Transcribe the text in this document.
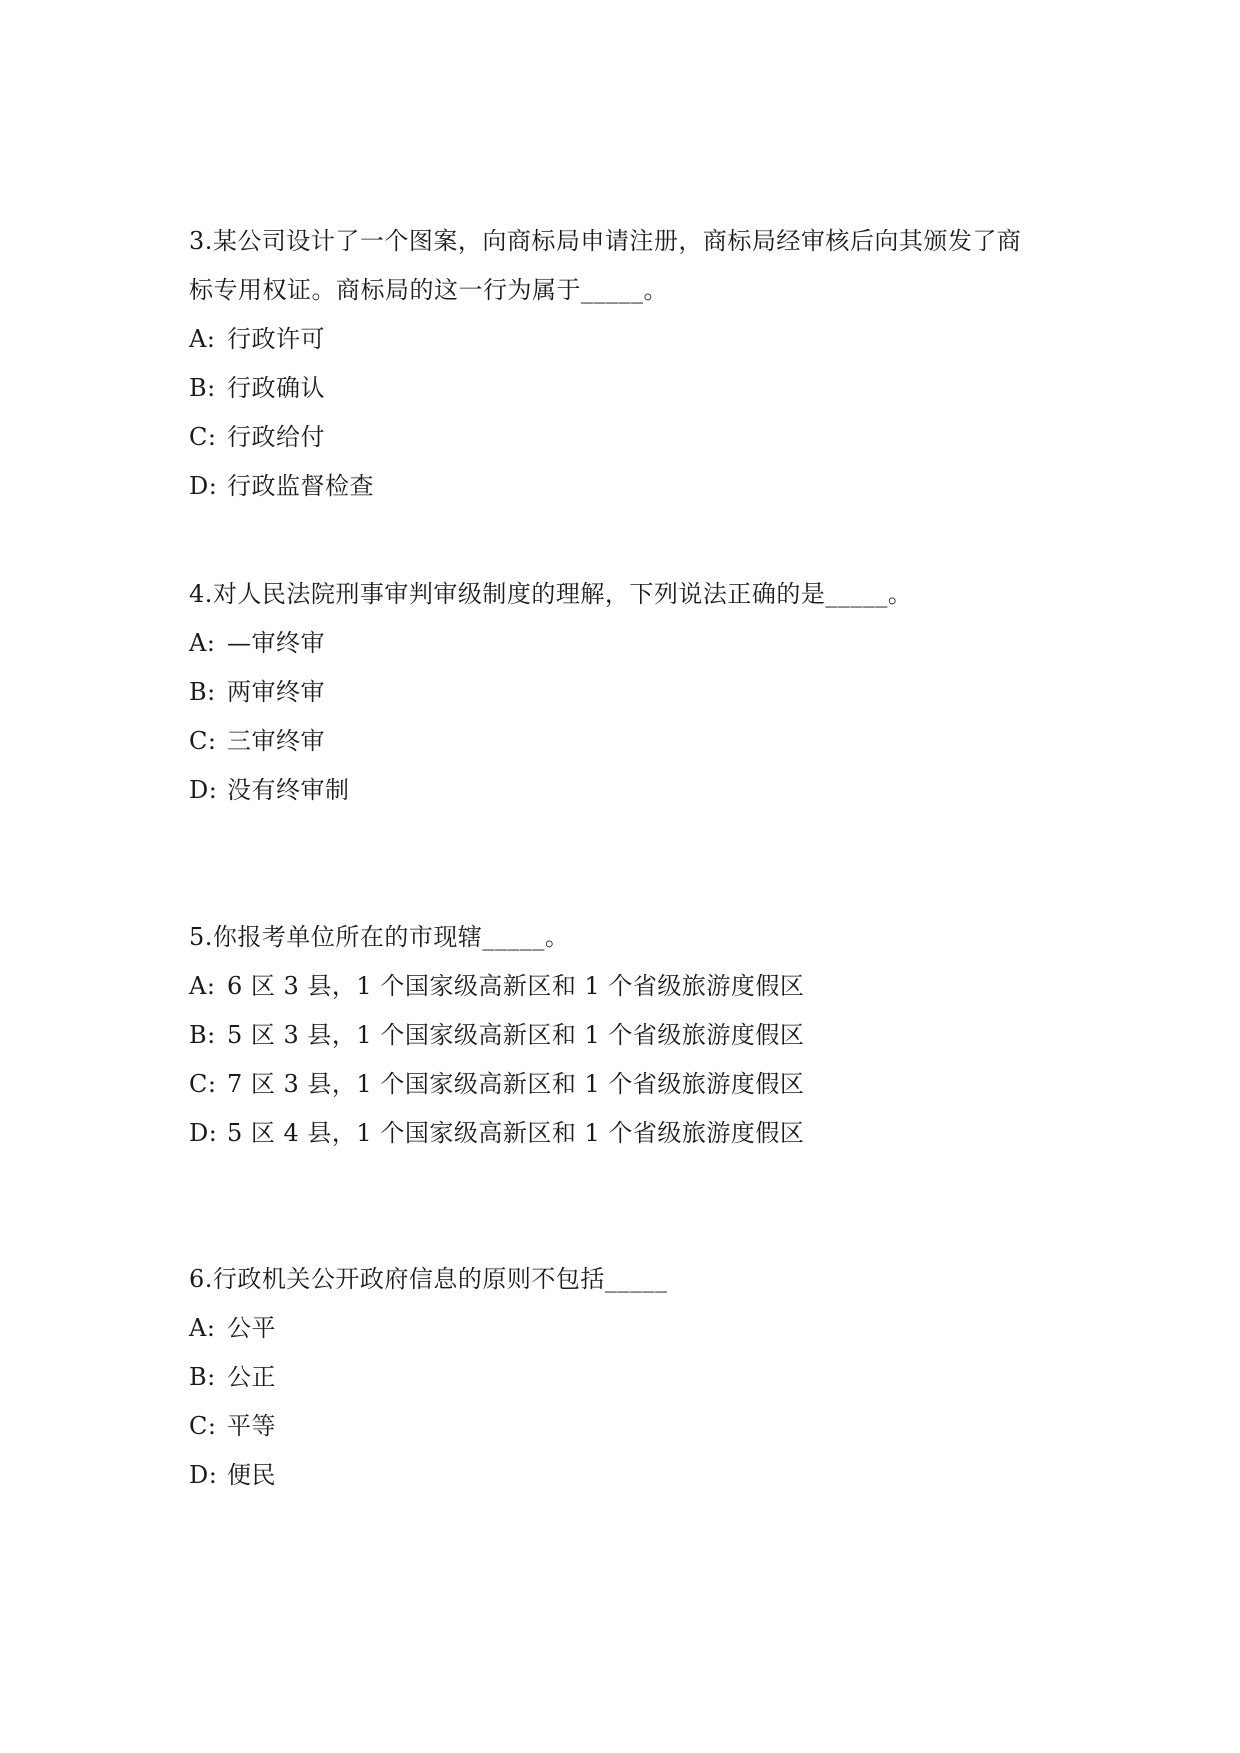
3.某公司设计了一个图案，向商标局申请注册，商标局经审核后向其颁发了商

标专用权证。商标局的这一行为属于_____。

A: 行政许可

B: 行政确认

C: 行政给付

D: 行政监督检查

4.对人民法院刑事审判审级制度的理解，下列说法正确的是_____。

A: —审终审

B: 两审终审

C: 三审终审

D: 没有终审制

5.你报考单位所在的市现辖_____。

A: 6 区 3 县，1 个国家级高新区和 1 个省级旅游度假区

B: 5 区 3 县，1 个国家级高新区和 1 个省级旅游度假区

C: 7 区 3 县，1 个国家级高新区和 1 个省级旅游度假区

D: 5 区 4 县，1 个国家级高新区和 1 个省级旅游度假区

6.行政机关公开政府信息的原则不包括_____

A: 公平

B: 公正

C: 平等

D: 便民
